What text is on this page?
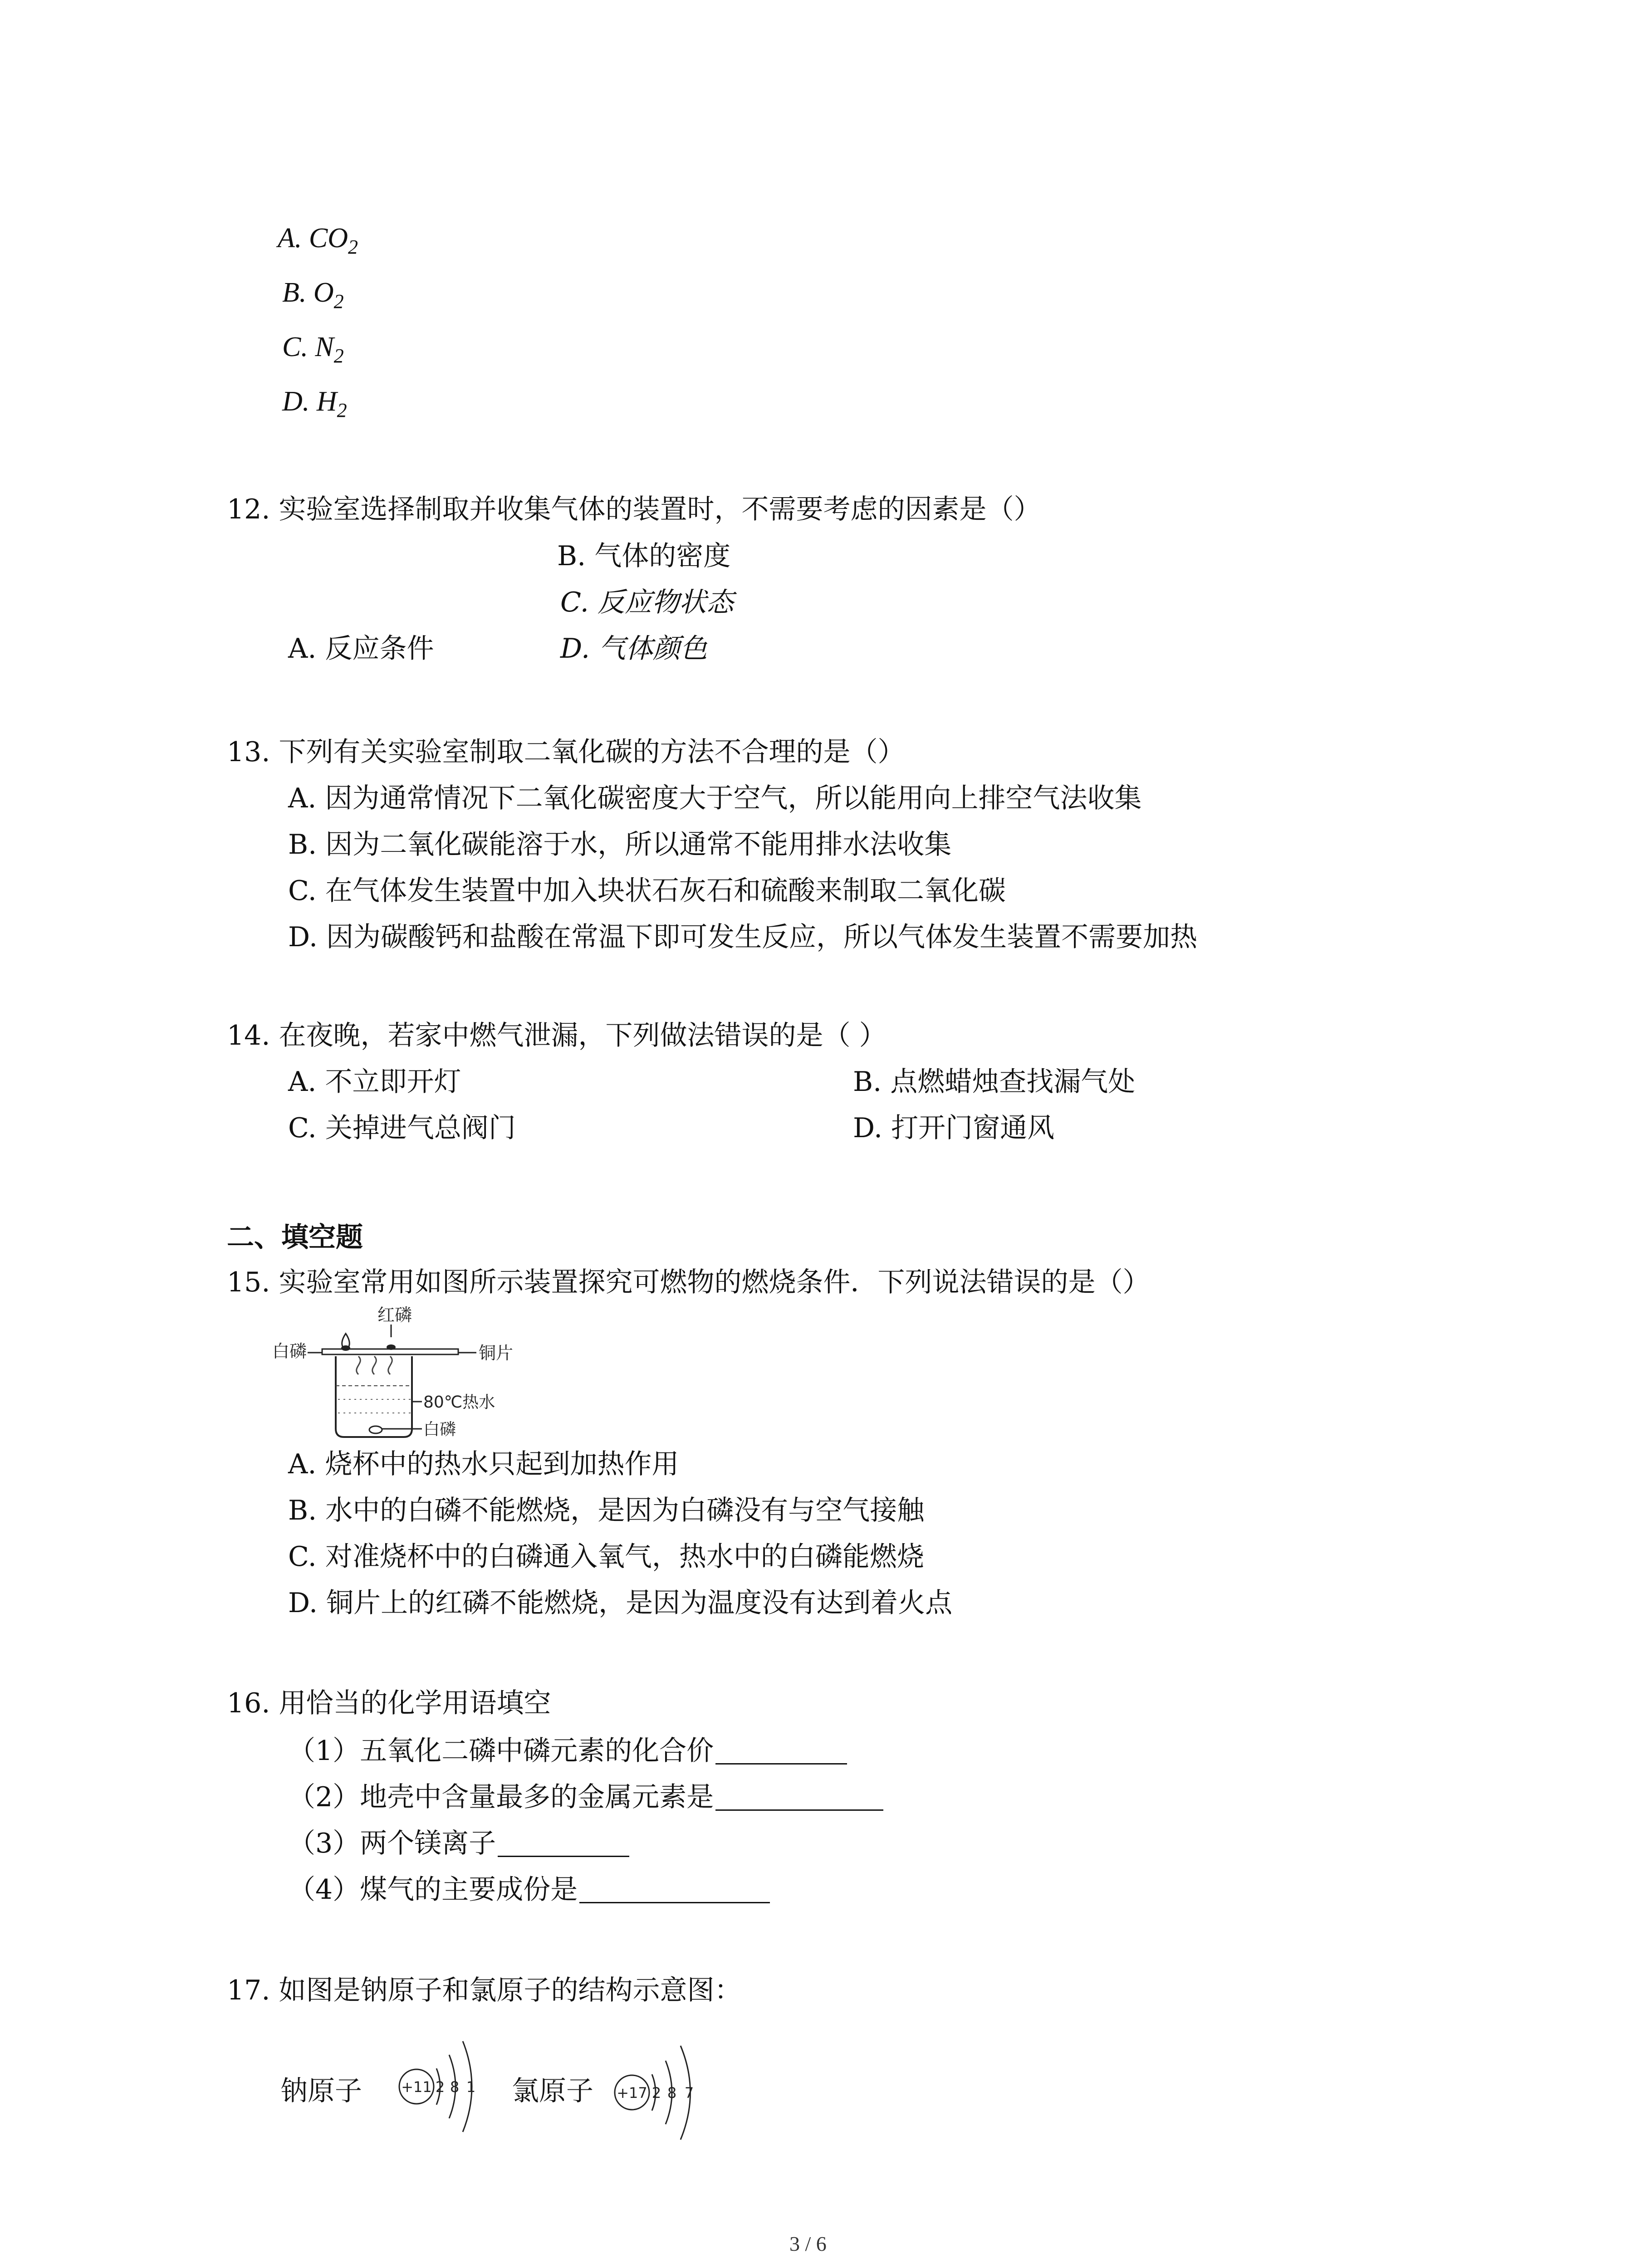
A. $CO_2$
B. $O_2$
C. $N_2$
D. $H_2$
12. 实验室选择制取并收集气体的装置时，不需要考虑的因素是（）
B. 气体的密度
C. 反应物状态
A. 反应条件	D. 气体颜色
13. 下列有关实验室制取二氧化碳的方法不合理的是（）
A. 因为通常情况下二氧化碳密度大于空气，所以能用向上排空气法收集
B. 因为二氧化碳能溶于水，所以通常不能用排水法收集
C. 在气体发生装置中加入块状石灰石和硫酸来制取二氧化碳
D. 因为碳酸钙和盐酸在常温下即可发生反应，所以气体发生装置不需要加热
14. 在夜晚，若家中燃气泄漏，下列做法错误的是（ ）
A. 不立即开灯	B. 点燃蜡烛查找漏气处
C. 关掉进气总阀门	D. 打开门窗通风
二、填空题
15. 实验室常用如图所示装置探究可燃物的燃烧条件．下列说法错误的是（）
红磷
白磷	铜片
80℃热水
白磷
A. 烧杯中的热水只起到加热作用
B. 水中的白磷不能燃烧，是因为白磷没有与空气接触
C. 对准烧杯中的白磷通入氧气，热水中的白磷能燃烧
D. 铜片上的红磷不能燃烧，是因为温度没有达到着火点
16. 用恰当的化学用语填空
（1）五氧化二磷中磷元素的化合价
（2）地壳中含量最多的金属元素是
（3）两个镁离子
（4）煤气的主要成份是
17. 如图是钠原子和氯原子的结构示意图：
钠原子	+11 2 8 1 氯原子 +17 2 8 7
3 / 6
